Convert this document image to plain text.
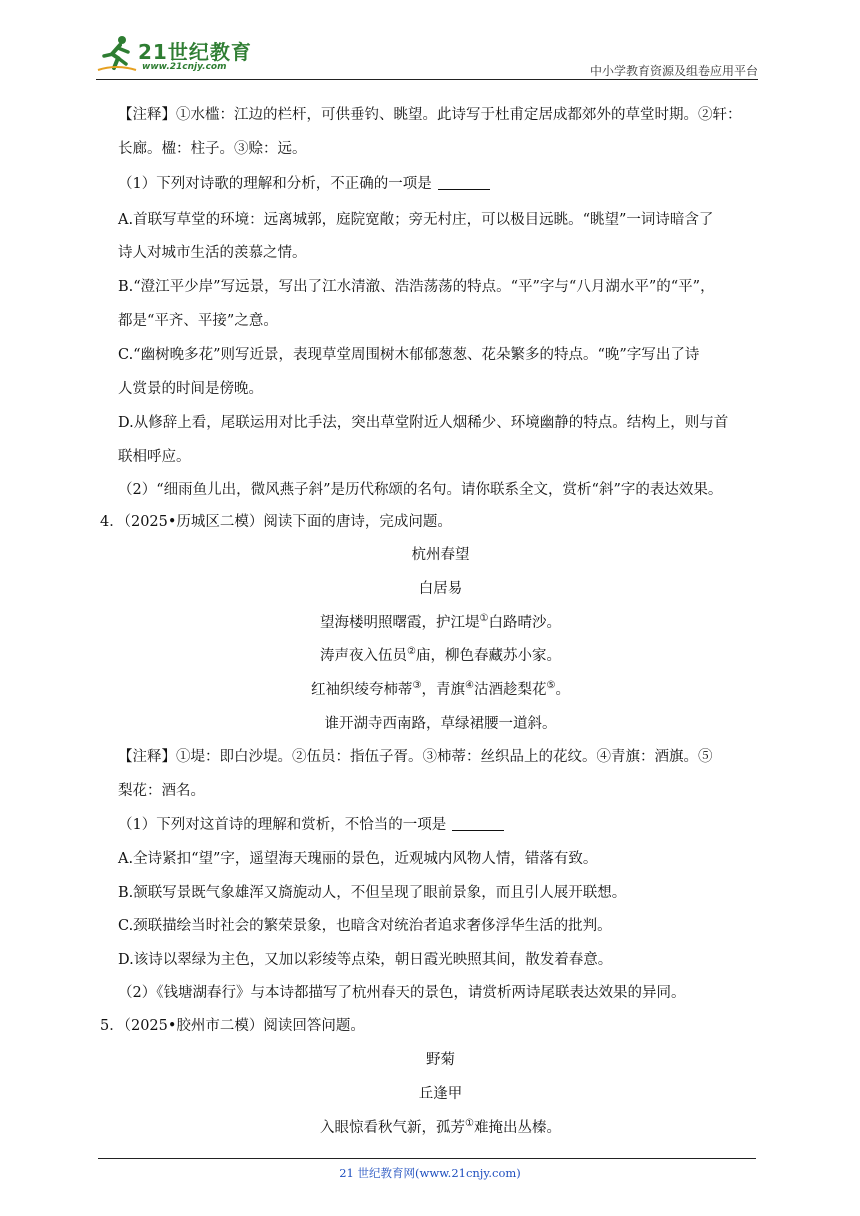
21世纪教育
www.21cnjy.com	中小学教育资源及组卷应用平台
【注释】①水槛：江边的栏杆，可供垂钓、眺望。此诗写于杜甫定居成都郊外的草堂时期。②轩：
长廊。楹：柱子。③赊：远。
（1）下列对诗歌的理解和分析，不正确的一项是
A.首联写草堂的环境：远离城郭，庭院宽敞；旁无村庄，可以极目远眺。“眺望”一词诗暗含了
诗人对城市生活的羡慕之情。
B.“澄江平少岸”写远景，写出了江水清澈、浩浩荡荡的特点。“平”字与“八月湖水平”的“平”，
都是“平齐、平接”之意。
C.“幽树晚多花”则写近景，表现草堂周围树木郁郁葱葱、花朵繁多的特点。“晚”字写出了诗
人赏景的时间是傍晚。
D.从修辞上看，尾联运用对比手法，突出草堂附近人烟稀少、环境幽静的特点。结构上，则与首
联相呼应。
（2）“细雨鱼儿出，微风燕子斜”是历代称颂的名句。请你联系全文，赏析“斜”字的表达效果。
4．（2025•历城区二模）阅读下面的唐诗，完成问题。
杭州春望
白居易
望海楼明照曙霞，护江堤①白路晴沙。
涛声夜入伍员②庙，柳色春藏苏小家。
红袖织绫夸柿蒂③，青旗④沽酒趁梨花⑤。
谁开湖寺西南路，草绿裙腰一道斜。
【注释】①堤：即白沙堤。②伍员：指伍子胥。③柿蒂：丝织品上的花纹。④青旗：酒旗。⑤
梨花：酒名。
（1）下列对这首诗的理解和赏析，不恰当的一项是
A.全诗紧扣“望”字，遥望海天瑰丽的景色，近观城内风物人情，错落有致。
B.颔联写景既气象雄浑又旖旎动人，不但呈现了眼前景象，而且引人展开联想。
C.颈联描绘当时社会的繁荣景象，也暗含对统治者追求奢侈浮华生活的批判。
D.该诗以翠绿为主色，又加以彩绫等点染，朝日霞光映照其间，散发着春意。
（2）《钱塘湖春行》与本诗都描写了杭州春天的景色，请赏析两诗尾联表达效果的异同。
5．（2025•胶州市二模）阅读回答问题。
野菊
丘逢甲
入眼惊看秋气新，孤芳①难掩出丛榛。
21 世纪教育网(www.21cnjy.com)
